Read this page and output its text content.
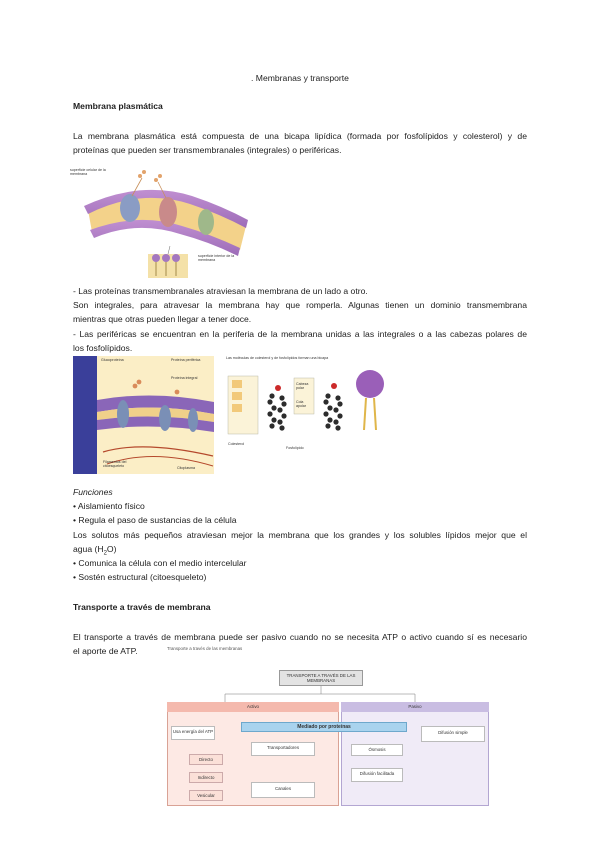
. Membranas y transporte
Membrana plasmática
La membrana plasmática está compuesta de una bicapa lipídica (formada por fosfolípidos y colesterol) y de
proteínas que pueden ser transmembranales (integrales) o periféricas.
superficie celular de la membrana
superficie interior de la membrana
- Las proteínas transmembranales atraviesan la membrana de un lado a otro.
Son integrales, para atravesar la membrana hay que romperla. Algunas tienen un dominio transmembrana
mientras que otras pueden llegar a tener doce.
- Las periféricas se encuentran en la periferia de la membrana unidas a las integrales o a las cabezas polares de
los fosfolípidos.
Glucoproteína	Proteína periférica
Proteína integral
Filamentos del citoesqueleto	Citoplasma
Las moléculas de colesterol y de fosfolípidos forman una bicapa
Colesterol
Fosfolípido
Cabeza polar
Cola apolar
Funciones
• Aislamiento físico
• Regula el paso de sustancias de la célula
Los solutos más pequeños atraviesan mejor la membrana que los grandes y los solubles lípidos mejor que el
agua $(H_2O)$
• Comunica la célula con el medio intercelular
• Sostén estructural (citoesqueleto)
Transporte a través de membrana
El transporte a través de membrana puede ser pasivo cuando no se necesita ATP o activo cuando sí es necesario
el aporte de ATP.	Transporte a través de las membranas
TRANSPORTE A TRAVÉS DE LAS MEMBRANAS
Activo	Pasivo
Mediado por proteínas
Usa energía del ATP
Directo
Indirecto
Vesicular
Transportadores
Canales
Difusión simple
Ósmosis
Difusión facilitada
